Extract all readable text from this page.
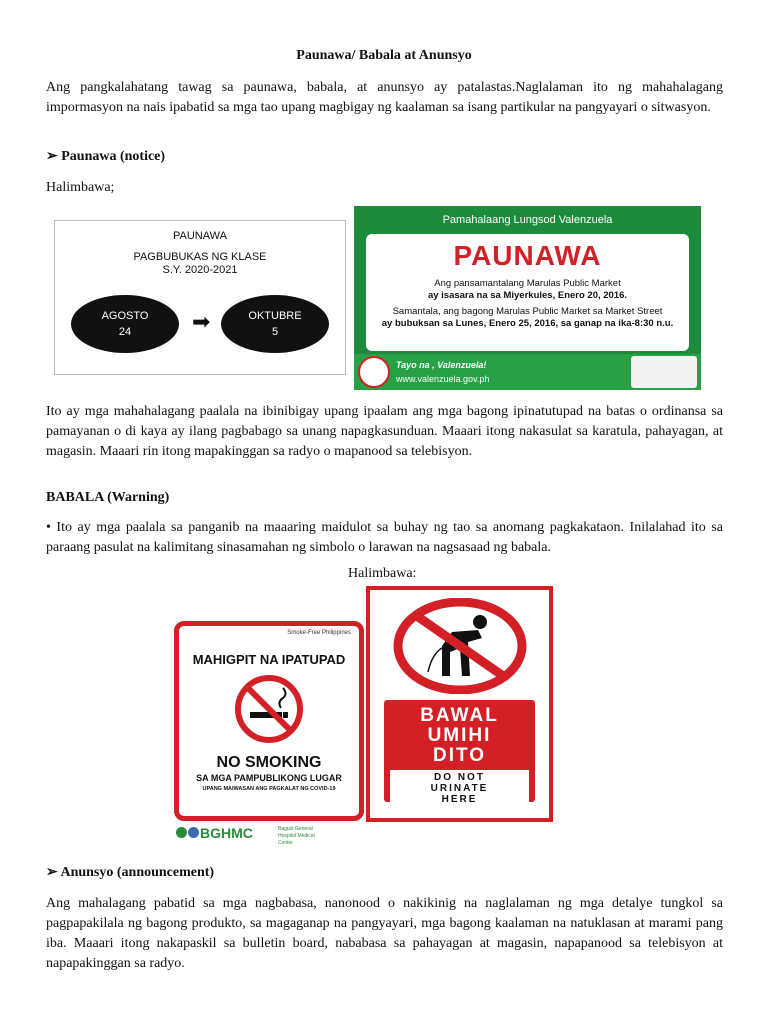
Paunawa/ Babala at Anunsyo

Ang pangkalahatang tawag sa paunawa, babala, at anunsyo ay patalastas.Naglalaman ito ng mahahalagang impormasyon na nais ipabatid sa mga tao upang magbigay ng kaalaman sa isang partikular na pangyayari o sitwasyon.

➢ Paunawa (notice)
Halimbawa;
PAUNAWA
PAGBUBUKAS NG KLASE
S.Y. 2020-2021
AGOSTO
24	➡	OKTUBRE
5
Pamahalaang Lungsod Valenzuela
PAUNAWA
Ang pansamantalang Marulas Public Market
ay isasara na sa Miyerkules, Enero 20, 2016.
Samantala, ang bagong Marulas Public Market sa Market Street
ay bubuksan sa Lunes, Enero 25, 2016, sa ganap na ika-8:30 n.u.
Tayo na , Valenzuela!
www.valenzuela.gov.ph

Ito ay mga mahahalagang paalala na ibinibigay upang ipaalam ang mga bagong ipinatutupad na batas o ordinansa sa pamayanan o di kaya ay ilang pagbabago sa unang napagkasunduan. Maaari itong nakasulat sa karatula, pahayagan, at magasin. Maaari rin itong mapakinggan sa radyo o mapanood sa telebisyon.

BABALA (Warning)

• Ito ay mga paalala sa panganib na maaaring maidulot sa buhay ng tao sa anomang pagkakataon. Inilalahad ito sa paraang pasulat na kalimitang sinasamahan ng simbolo o larawan na nagsasaad ng babala.

Halimbawa:
Smoke-Free Philippines
MAHIGPIT NA IPATUPAD
NO SMOKING
SA MGA PAMPUBLIKONG LUGAR
UPANG MAIWASAN ANG PAGKALAT NG COVID-19
BGHMC	Baguio General Hospital Medical Center
BAWAL
UMIHI
DITO
DO NOT
URINATE
HERE
➢ Anunsyo (announcement)

Ang mahalagang pabatid sa mga nagbabasa, nanonood o nakikinig na naglalaman ng mga detalye tungkol sa pagpapakilala ng bagong produkto, sa magaganap na pangyayari, mga bagong kaalaman na natuklasan at marami pang iba. Maaari itong nakapaskil sa bulletin board, nababasa sa pahayagan at magasin, napapanood sa telebisyon at napapakinggan sa radyo.
